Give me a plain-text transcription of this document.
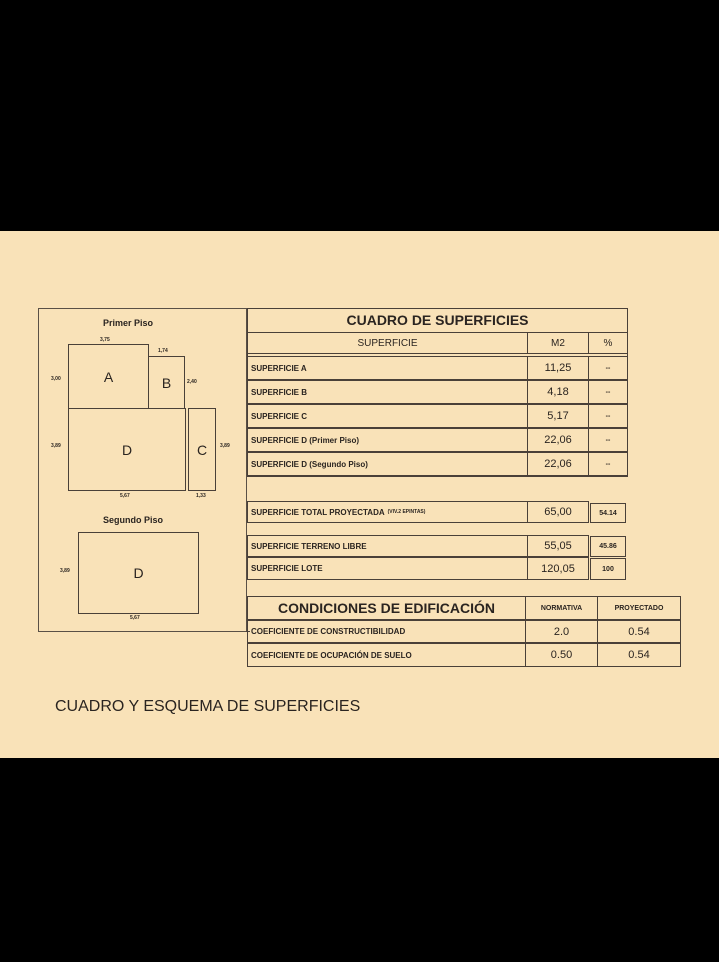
Primer Piso
3,75
1,74
3,00	2,40
A	B
D	C
3,89	3,89
5,67	1,33
Segundo Piso
D
3,89
5,67
CUADRO DE SUPERFICIES
SUPERFICIE	M2	%
SUPERFICIE A	11,25	--
SUPERFICIE B	4,18	--
SUPERFICIE C	5,17	--
SUPERFICIE D (Primer Piso)	22,06	--
SUPERFICIE D (Segundo Piso)	22,06	--
SUPERFICIE TOTAL PROYECTADA (VIV.2 EPINTAS)	65,00	54.14
SUPERFICIE TERRENO LIBRE	55,05	45.86
SUPERFICIE LOTE	120,05	100
CONDICIONES DE EDIFICACIÓN	NORMATIVA	PROYECTADO
COEFICIENTE DE CONSTRUCTIBILIDAD	2.0	0.54
COEFICIENTE DE OCUPACIÓN DE SUELO	0.50	0.54
CUADRO Y ESQUEMA DE SUPERFICIES
